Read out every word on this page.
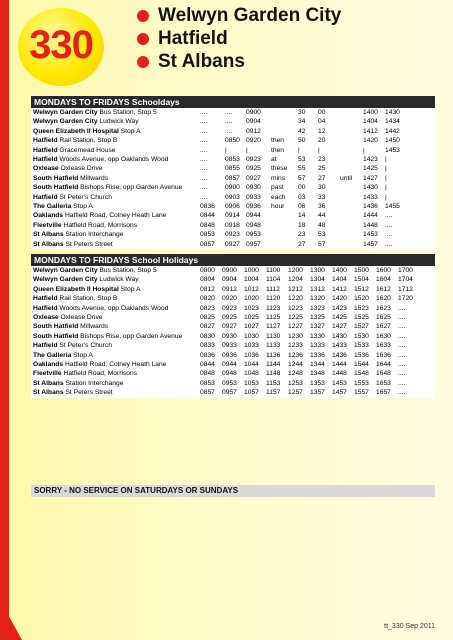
330
Welwyn Garden City
Hatfield
St Albans
MONDAYS TO FRIDAYS Schooldays
Welwyn Garden City Bus Station, Stop 5	....	....	0900		30	00		1400	1430
Welwyn Garden City Ludwick Way	....	....	0904		34	04		1404	1434
Queen Elizabeth II Hospital Stop A	....	....	0912		42	12		1412	1442
Hatfield Rail Station, Stop B	....	0850	0920	then	50	20		1420	1450
Hatfield Gracemead House	....	|	|	then	|	|		|	1453
Hatfield Woods Avenue, opp Oaklands Wood	....	0853	0923	at	53	23		1423	|
Oxlease Oxlease Drive	....	0855	0925	these	55	25		1425	|
South Hatfield Millwards	....	0857	0927	mins	57	27	until	1427	|
South Hatfield Bishops Rise, opp Garden Avenue	....	0900	0930	past	00	30		1430	|
Hatfield St Peter’s Church	....	0903	0933	each	03	33		1433	|
The Galleria Stop A	0836	0906	0936	hour	06	36		1436	1455
Oaklands Hatfield Road, Colney Heath Lane	0844	0914	0944		14	44		1444	....
Fleetville Hatfield Road, Morrisons	0848	0918	0948		18	48		1448	....
St Albans Station Interchange	0853	0923	0953		23	53		1453	....
St Albans St Peters Street	0857	0927	0957		27	57		1457	....
MONDAYS TO FRIDAYS School Holidays
Welwyn Garden City Bus Station, Stop 5	0800	0900	1000	1100	1200	1300	1400	1500	1600	1700
Welwyn Garden City Ludwick Way	0804	0904	1004	1104	1204	1304	1404	1504	1604	1704
Queen Elizabeth II Hospital Stop A	0812	0912	1012	1112	1212	1312	1412	1512	1612	1712
Hatfield Rail Station, Stop B	0820	0920	1020	1120	1220	1320	1420	1520	1620	1720
Hatfield Woods Avenue, opp Oaklands Wood	0823	0923	1023	1123	1223	1323	1423	1523	1623	....
Oxlease Oxlease Drive	0825	0925	1025	1125	1225	1325	1425	1525	1625	....
South Hatfield Millwards	0827	0927	1027	1127	1227	1327	1427	1527	1627	....
South Hatfield Bishops Rise, opp Garden Avenue	0830	0930	1030	1130	1230	1330	1430	1530	1630	....
Hatfield St Peter’s Church	0833	0933	1033	1133	1233	1333	1433	1533	1633	....
The Galleria Stop A	0836	0936	1036	1136	1236	1336	1436	1536	1636	....
Oaklands Hatfield Road, Colney Heath Lane	0844	0944	1044	1144	1244	1344	1444	1544	1644	....
Fleetville Hatfield Road, Morrisons	0848	0948	1048	1148	1248	1348	1448	1548	1648	....
St Albans Station Interchange	0853	0953	1053	1153	1253	1353	1453	1553	1653	....
St Albans St Peters Street	0857	0957	1057	1157	1257	1357	1457	1557	1657	....
SORRY - NO SERVICE ON SATURDAYS OR SUNDAYS
tt_330 Sep 2011
